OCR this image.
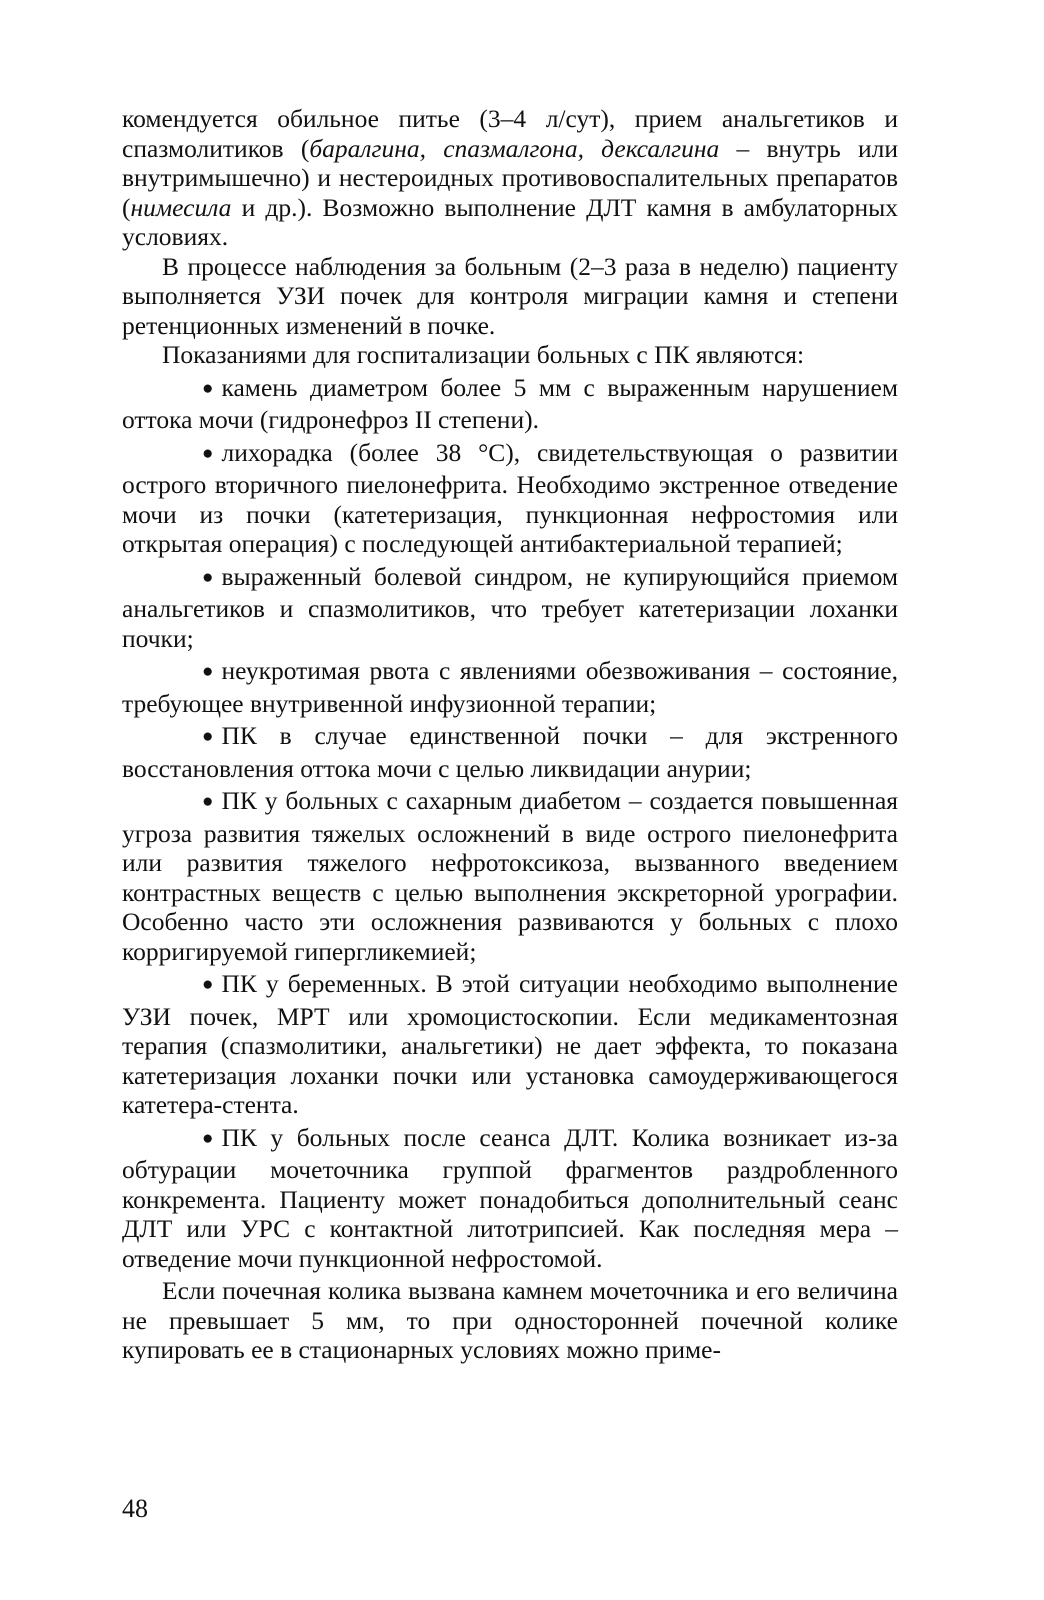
комендуется обильное питье (3–4 л/сут), прием анальгетиков и спазмолитиков (баралгина, спазмалгона, дексалгина – внутрь или внутримышечно) и нестероидных противовоспалительных препаратов (нимесила и др.). Возможно выполнение ДЛТ камня в амбулаторных условиях.

В процессе наблюдения за больным (2–3 раза в неделю) пациенту выполняется УЗИ почек для контроля миграции камня и степени ретенционных изменений в почке.

Показаниями для госпитализации больных с ПК являются:

● камень диаметром более 5 мм с выраженным нарушением оттока мочи (гидронефроз II степени).

● лихорадка (более 38 °С), свидетельствующая о развитии острого вторичного пиелонефрита. Необходимо экстренное отведение мочи из почки (катетеризация, пункционная нефростомия или открытая операция) с последующей антибактериальной терапией;

● выраженный болевой синдром, не купирующийся приемом анальгетиков и спазмолитиков, что требует катетеризации лоханки почки;

● неукротимая рвота с явлениями обезвоживания – состояние, требующее внутривенной инфузионной терапии;

● ПК в случае единственной почки – для экстренного восстановления оттока мочи с целью ликвидации анурии;

● ПК у больных с сахарным диабетом – создается повышенная угроза развития тяжелых осложнений в виде острого пиелонефрита или развития тяжелого нефротоксикоза, вызванного введением контрастных веществ с целью выполнения экскреторной урографии. Особенно часто эти осложнения развиваются у больных с плохо корригируемой гипергликемией;

● ПК у беременных. В этой ситуации необходимо выполнение УЗИ почек, МРТ или хромоцистоскопии. Если медикаментозная терапия (спазмолитики, анальгетики) не дает эффекта, то показана катетеризация лоханки почки или установка самоудерживающегося катетера-стента.

● ПК у больных после сеанса ДЛТ. Колика возникает из-за обтурации мочеточника группой фрагментов раздробленного конкремента. Пациенту может понадобиться дополнительный сеанс ДЛТ или УРС с контактной литотрипсией. Как последняя мера – отведение мочи пункционной нефростомой.

Если почечная колика вызвана камнем мочеточника и его величина не превышает 5 мм, то при односторонней почечной колике купировать ее в стационарных условиях можно приме-

48
